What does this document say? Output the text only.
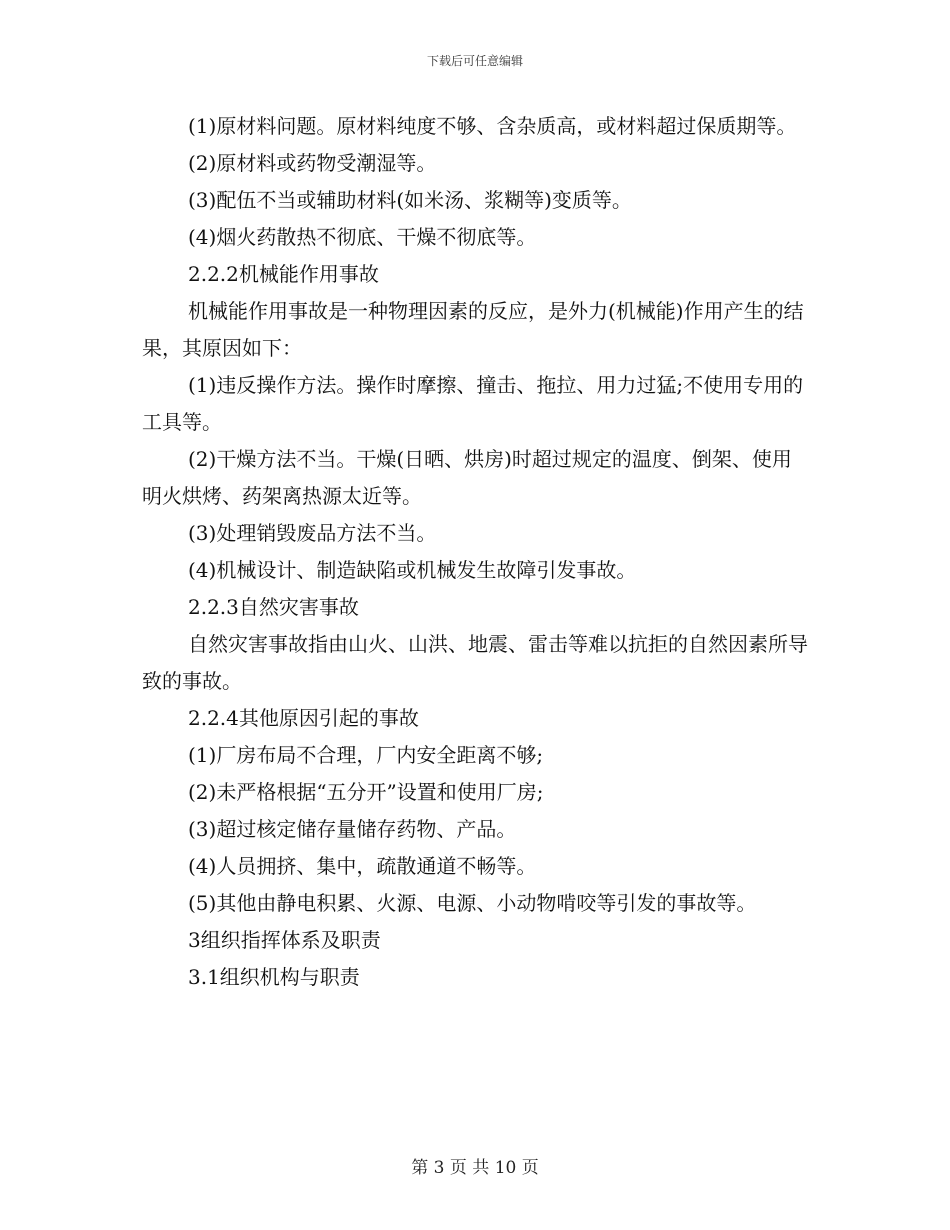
下载后可任意编辑

(1)原材料问题。原材料纯度不够、含杂质高，或材料超过保质期等。

(2)原材料或药物受潮湿等。

(3)配伍不当或辅助材料(如米汤、浆糊等)变质等。

(4)烟火药散热不彻底、干燥不彻底等。

2.2.2机械能作用事故

机械能作用事故是一种物理因素的反应，是外力(机械能)作用产生的结果，其原因如下：

(1)违反操作方法。操作时摩擦、撞击、拖拉、用力过猛;不使用专用的工具等。

(2)干燥方法不当。干燥(日晒、烘房)时超过规定的温度、倒架、使用明火烘烤、药架离热源太近等。

(3)处理销毁废品方法不当。

(4)机械设计、制造缺陷或机械发生故障引发事故。

2.2.3自然灾害事故

自然灾害事故指由山火、山洪、地震、雷击等难以抗拒的自然因素所导致的事故。

2.2.4其他原因引起的事故

(1)厂房布局不合理，厂内安全距离不够;

(2)未严格根据“五分开”设置和使用厂房;

(3)超过核定储存量储存药物、产品。

(4)人员拥挤、集中，疏散通道不畅等。

(5)其他由静电积累、火源、电源、小动物啃咬等引发的事故等。

3组织指挥体系及职责

3.1组织机构与职责

第 3 页 共 10 页
